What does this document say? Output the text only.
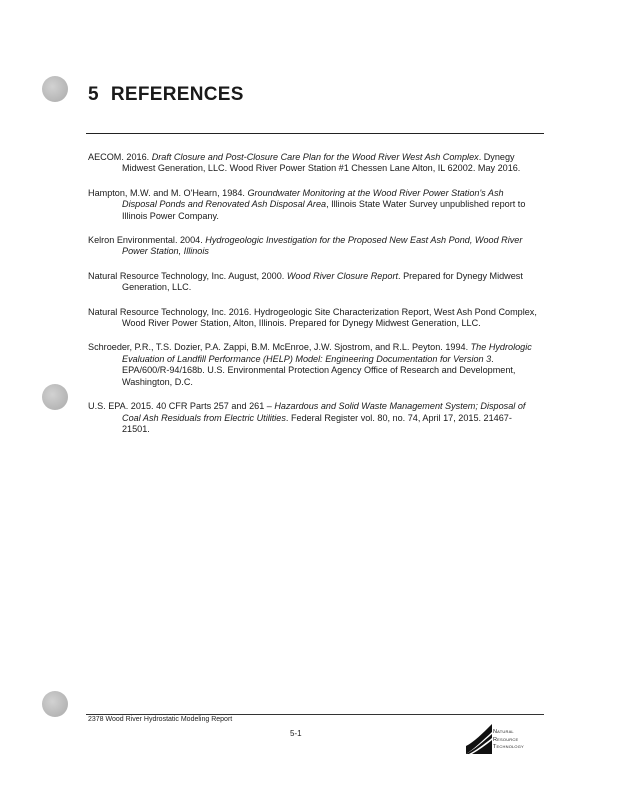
5 REFERENCES

AECOM. 2016. Draft Closure and Post-Closure Care Plan for the Wood River West Ash Complex. Dynegy Midwest Generation, LLC. Wood River Power Station #1 Chessen Lane Alton, IL 62002. May 2016.

Hampton, M.W. and M. O'Hearn, 1984. Groundwater Monitoring at the Wood River Power Station's Ash Disposal Ponds and Renovated Ash Disposal Area, Illinois State Water Survey unpublished report to Illinois Power Company.

Kelron Environmental. 2004. Hydrogeologic Investigation for the Proposed New East Ash Pond, Wood River Power Station, Illinois

Natural Resource Technology, Inc. August, 2000. Wood River Closure Report. Prepared for Dynegy Midwest Generation, LLC.

Natural Resource Technology, Inc. 2016. Hydrogeologic Site Characterization Report, West Ash Pond Complex, Wood River Power Station, Alton, Illinois. Prepared for Dynegy Midwest Generation, LLC.

Schroeder, P.R., T.S. Dozier, P.A. Zappi, B.M. McEnroe, J.W. Sjostrom, and R.L. Peyton. 1994. The Hydrologic Evaluation of Landfill Performance (HELP) Model: Engineering Documentation for Version 3. EPA/600/R-94/168b. U.S. Environmental Protection Agency Office of Research and Development, Washington, D.C.

U.S. EPA. 2015. 40 CFR Parts 257 and 261 – Hazardous and Solid Waste Management System; Disposal of Coal Ash Residuals from Electric Utilities. Federal Register vol. 80, no. 74, April 17, 2015. 21467-21501.

2378 Wood River Hydrostatic Modeling Report
5-1	Natural
Resource
Technology
